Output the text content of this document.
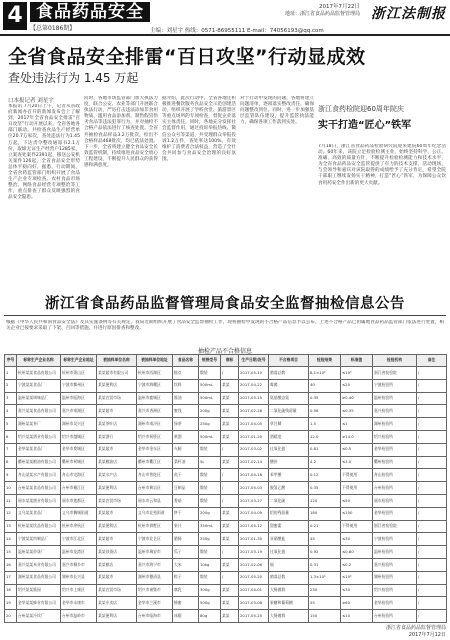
4 食品药品安全
【总第0186期】
2017年7月22日
地址：浙江省食品药品监督管理局 浙江法制报
主编：刘星宇 热线：0571-86955111 E-mail：74056193@qq.com
全省食品安全排雷“百日攻坚”行动显成效
查处违法行为 1.45 万起
口本报记者 刘星宇
本报讯 7月20日上午，记者从省政府新闻办召开的新闻发布会上了解到，2017年全省食品安全排雷“百日攻坚”行动开展以来，全省各地各部门联动，共检查食品生产经营单位20.7万家次，查处违法行为1.45万起，下达责令整改通知书2.1万份，取缔无证生产经营户1285家，立案查处案件2391起，移送公安机关案件126起，全省食品安全形势总体平稳向好。据悉，行动期间，全省食药监管部门组织开展了食品生产企业专项检查、农村食品市场整治、网络食品经营专项整治等工作，重点排查了群众反映强烈的食品安全隐患。
同时，各地市场监管部门加大执法力度，联合公安、农业等部门开展联合执法行动，严厉打击违法添加非食用物质、滥用食品添加剂、制售假冒伪劣食品等违法犯罪行为，并对抽检不合格产品依法进行了核查处置。全省共抽检食品样品3.2万批次，检出不合格样品468批次，均已依法处置。下一步，全省将建立健全食品安全长效监管机制，持续推进食品安全放心工程建设，不断提升人民群众的获得感和满意度。
据介绍，此次行动中，全省各地还积极推进餐饮服务食品安全示范创建活动，组织开展了学校食堂、旅游景区等重点场所的专项检查，督促企业落实主体责任。同时，各地充分发挥社会监督作用，通过投诉举报热线、微信公众号等渠道，共受理群众举报投诉1.2万件，查处率达100%，有效维护了消费者合法权益，营造了全社会共同参与食品安全治理的良好氛围。
对于行动中发现的问题，各地将建立问题清单，逐项落实整改责任，确保问题整改到位。同时，进一步加强基层监管队伍建设，提升监管执法能力，确保各项工作落到实处。
浙江食药检院迎60周年院庆
实干打造“匠心”铁军
7月18日，浙江省食品药品检验研究院迎来建院60周年纪念活动。60年来，该院立足检验检测主业，始终坚持科学、公正、准确、高效的质量方针，不断提升检验检测能力和技术水平，为全省食品药品安全监管提供了有力的技术支撑。活动现场，与会领导和嘉宾对该院取得的成绩给予了充分肯定，希望全院干部职工继续发扬实干精神，打造“匠心”铁军，为保障公众饮食用药安全作出新的更大贡献。
浙江省食品药品监督管理局食品安全监督抽检信息公告
根据《中华人民共和国食品安全法》及其实施条例等有关规定，我局近期组织开展了食品安全监督抽检工作，现将抽检中发现的不合格产品信息予以公布。上述不合格产品已由属地食品药品监管部门依法进行处置，相关企业已按要求采取了下架、召回等措施，并进行原因排查和整改。
抽检产品不合格信息
序号	标称生产企业名称	标称生产企业地址	被抽样单位名称	被抽样单位地址	食品名称	规格型号	商标	生产日期/批号	不合格项目	检验结果	标准值	检验机构	备注
1	杭州某某食品有限公司	杭州市萧山区	某某超市有限公司	杭州市西湖区	糕点	散装	/	2017-05-10	菌落总数	8.1×10⁴	≤10⁴	浙江省检验院	/
2	宁波某某食品厂	宁波市鄞州区	某某便利店	宁波市海曙区	饮料	500mL	某某	2017-04-22	霉菌	40	≤20	宁波检验所	/
3	温州某某调味品厂	温州市瓯海区	某某农贸市场	温州市鹿城区	酱油	500mL	某某	2017-03-15	氨基酸态氮	0.35	≥0.40	温州检验所	/
4	嘉兴某某食品有限公司	嘉兴市南湖区	某某超市	嘉兴市秀洲区	蜜饯	200g	某某	2017-02-28	二氧化硫残留量	0.56	≤0.35	嘉兴检验所	/
5	湖州某某茶厂	湖州市吴兴区	某某茶叶店	湖州市南浔区	绿茶	250g	某某	2017-04-05	草甘膦	1.5	≤1	湖州检验所	/
6	绍兴某某酒业有限公司	绍兴市越城区	某某酒行	绍兴市柯桥区	黄酒	500mL	某某	2017-01-20	酒精度	12.0	≥14.0	绍兴检验所	/
7	金华某某食品厂	金华市婺城区	某某超市	金华市金东区	火腿	散装	/	2017-03-02	过氧化值	0.81	≤0.5	金华检验所	/
8	衢州某某粮油有限公司	衢州市柯城区	某某粮油店	衢州市衢江区	菜籽油	5L	某某	2017-02-14	酸价	4.2	≤3.0	衢州检验所	/
9	舟山某某水产有限公司	舟山市定海区	某某水产店	舟山市普陀区	鱼干	散装	/	2017-04-18	苯甲酸	0.12	不得使用	舟山检验所	/
10	台州某某食品有限公司	台州市椒江区	某某便利店	台州市黄岩区	豆制品	散装	/	2017-05-03	脱氢乙酸	0.35	不得使用	台州检验所	/
11	丽水某某菌业有限公司	丽水市莲都区	某某农贸市场	丽水市云和县	香菇	散装	/	2017-03-27	二氧化硫	120	≤50	丽水检验所	/
12	义乌某某食品厂	义乌市稠城街道	某某超市	义乌市北苑街道	饼干	200g	某某	2017-04-09	铝的残留量	180	≤100	金华检验所	/
13	杭州某某饮品有限公司	杭州市余杭区	某某便利店	杭州市拱墅区	果汁	350mL	某某	2017-05-12	甜蜜素	0.21	不得使用	浙江省检验院	/
14	宁波某某肉制品厂	宁波市江北区	某某超市	宁波市北仑区	腊肠	250g	某某	2017-01-30	亚硝酸盐	45	≤30	宁波检验所	/
15	温州某某炒货厂	温州市龙湾区	某某炒货店	温州市瑞安市	瓜子	散装	/	2017-03-19	过氧化值	0.92	≤0.80	温州检验所	/
16	嘉兴某某米业有限公司	嘉兴市桐乡市	某某粮店	嘉兴市海宁市	大米	10kg	某某	2017-02-06	镉	0.31	≤0.2	嘉兴检验所	/
17	湖州某某食品有限公司	湖州市长兴县	某某超市	湖州市德清县	粽子	散装	/	2017-05-20	菌落总数	1.3×10⁴	≤10⁴	湖州检验所	/
18	绍兴某某酱园	绍兴市上虞区	某某农贸市场	绍兴市诸暨市	腐乳	300g	某某	2017-04-01	大肠菌群	230	≤30	绍兴检验所	/
19	金华某某蜂业有限公司	金华市永康市	某某专卖店	金华市兰溪市	蜂蜜	500g	某某	2017-03-08	果糖和葡萄糖	55	≥60	金华检验所	/
20	台州某某冷饮厂	台州市温岭市	某某便利店	台州市临海市	冰棍	80g	某某	2017-05-25	大肠菌群	150	≤10	台州检验所	/
浙江省食品药品监督管理局
2017年7月12日
